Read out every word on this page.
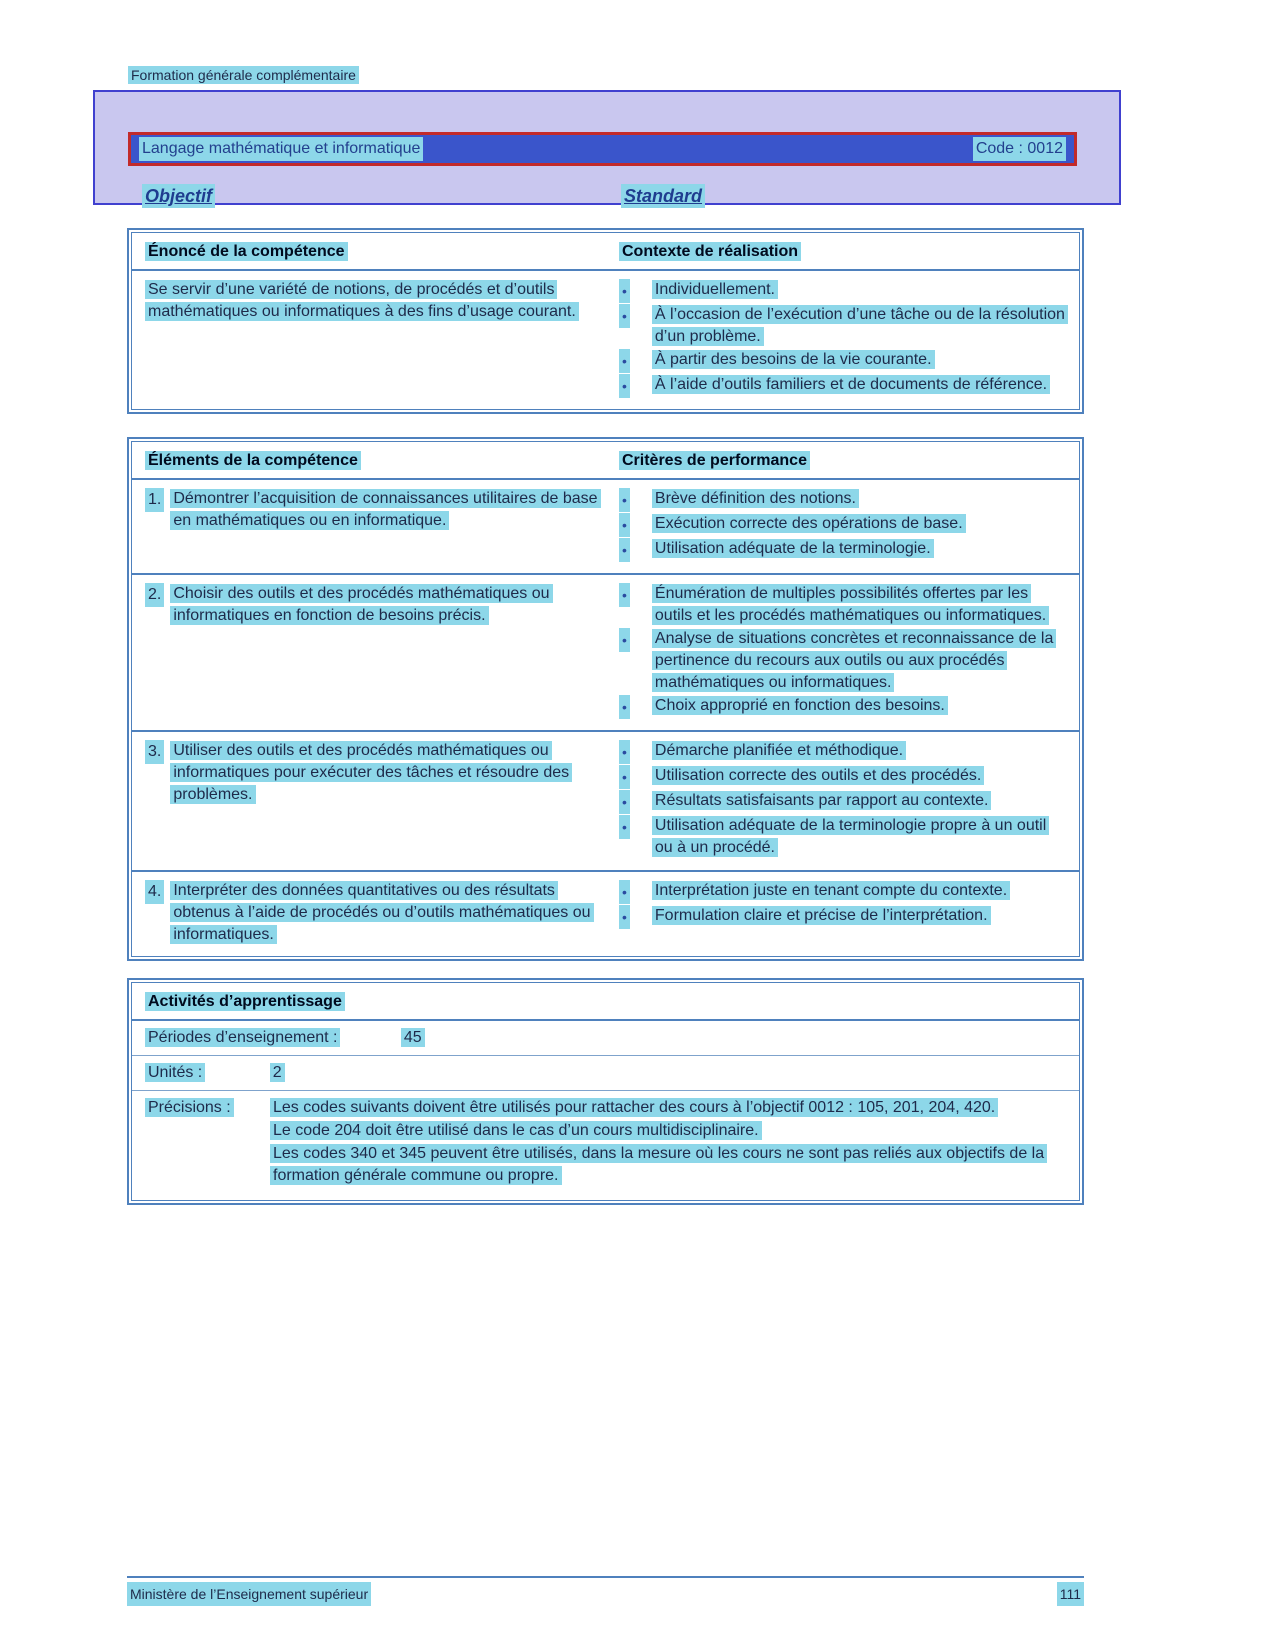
Formation générale complémentaire
Langage mathématique et informatique	Code : 0012
Objectif	Standard
Énoncé de la compétence	Contexte de réalisation
Se servir d’une variété de notions, de procédés et d’outils mathématiques ou informatiques à des fins d’usage courant.
• Individuellement.
• À l’occasion de l’exécution d’une tâche ou de la résolution d’un problème.
• À partir des besoins de la vie courante.
• À l’aide d’outils familiers et de documents de référence.
Éléments de la compétence	Critères de performance
1. Démontrer l’acquisition de connaissances utilitaires de base en mathématiques ou en informatique.
• Brève définition des notions.
• Exécution correcte des opérations de base.
• Utilisation adéquate de la terminologie.
2. Choisir des outils et des procédés mathématiques ou informatiques en fonction de besoins précis.
• Énumération de multiples possibilités offertes par les outils et les procédés mathématiques ou informatiques.
• Analyse de situations concrètes et reconnaissance de la pertinence du recours aux outils ou aux procédés mathématiques ou informatiques.
• Choix approprié en fonction des besoins.
3. Utiliser des outils et des procédés mathématiques ou informatiques pour exécuter des tâches et résoudre des problèmes.
• Démarche planifiée et méthodique.
• Utilisation correcte des outils et des procédés.
• Résultats satisfaisants par rapport au contexte.
• Utilisation adéquate de la terminologie propre à un outil ou à un procédé.
4. Interpréter des données quantitatives ou des résultats obtenus à l’aide de procédés ou d’outils mathématiques ou informatiques.
• Interprétation juste en tenant compte du contexte.
• Formulation claire et précise de l’interprétation.
Activités d’apprentissage
Périodes d’enseignement :	45
Unités :	2
Précisions :	Les codes suivants doivent être utilisés pour rattacher des cours à l’objectif 0012 : 105, 201, 204, 420.
Le code 204 doit être utilisé dans le cas d’un cours multidisciplinaire.
Les codes 340 et 345 peuvent être utilisés, dans la mesure où les cours ne sont pas reliés aux objectifs de la formation générale commune ou propre.
Ministère de l’Enseignement supérieur	111
